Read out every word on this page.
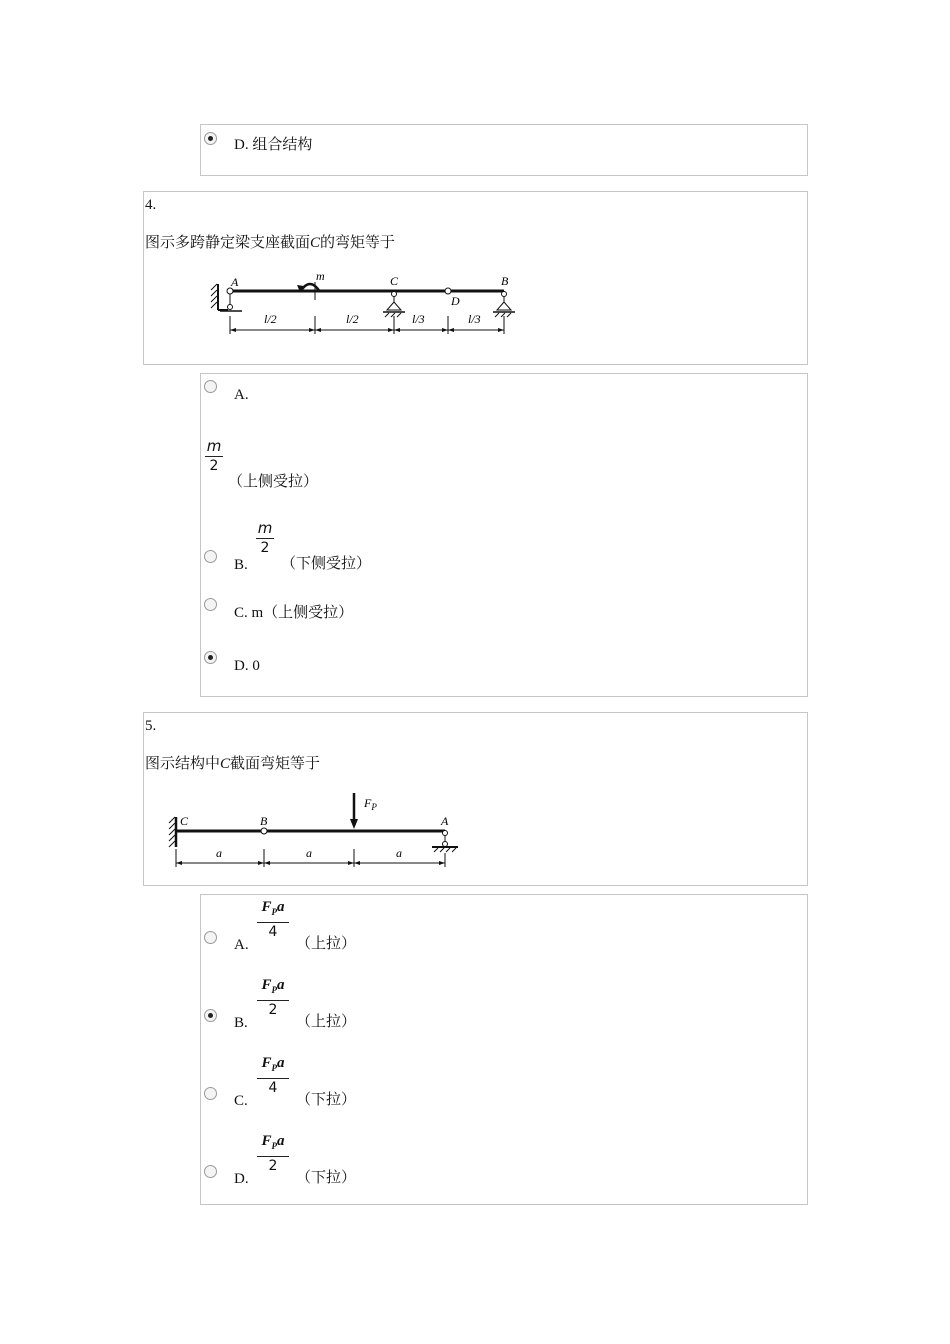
D. 组合结构
4.
图示多跨静定梁支座截面C的弯矩等于
A	m	C
D
B
l/2	l/2	l/3	l/3
A.
m
2
（上侧受拉）
B.
m
2
（下侧受拉）
C. m（上侧受拉）
D. 0
5.
图示结构中C截面弯矩等于
C	B
$F_P$
A
a	a	a
A.
$F_Pa$
4
（上拉）
B.
$F_Pa$
2
（上拉）
C.
$F_Pa$
4
（下拉）
D.
$F_Pa$
2
（下拉）
